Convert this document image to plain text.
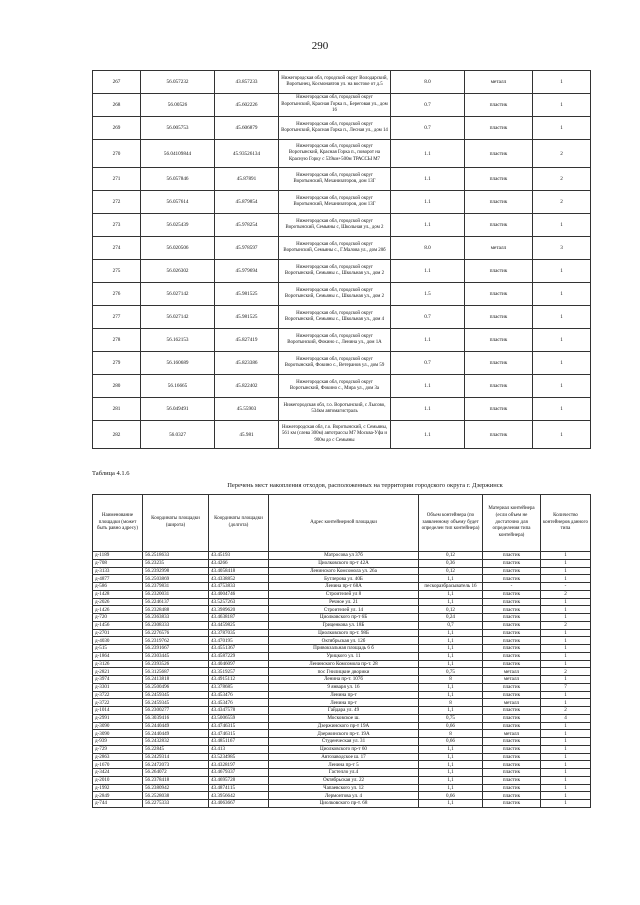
290
267	56.057232	43.857233	Нижегородская обл, городской округ Володарский, Воротынец, Космонавтов ул. на востоке от д.5	8.0	металл	1
268	56.00526	45.602226	Нижегородская обл, городской округ Воротынский, Красная Горка п., Береговая ул., дом 16	0.7	пластик	1
269	56.005753	45.606879	Нижегородская обл, городской округ Воротынский, Красная Горка п., Лесная ул., дом 14	0.7	пластик	1
270	56.04109844	45.93526134	Нижегородская обл, городской округ Воротынский, Красная Горка п., поворот на Красную Горку с 539км+500м ТРАССЫ М7	1.1	пластик	2
271	56.057846	45.87891	Нижегородская обл, городской округ Воротынский, Механизаторов, дом 13Г	1.1	пластик	2
272	56.057614	45.879854	Нижегородская обл, городской округ Воротынский, Механизаторов, дом 13Г	1.1	пластик	2
273	56.025439	45.978254	Нижегородская обл, городской округ Воротынский, Семьяны с, Школьная ул., дом 2	1.1	пластик	1
274	56.020506	45.978597	Нижегородская обл, городской округ Воротынский, Семьяны с., Г.Малова ул., дом 20б	8.0	металл	3
275	56.026302	45.979694	Нижегородская обл, городской округ Воротынский, Семьяны с., Школьная ул., дом 2	1.1	пластик	1
276	56.027142	45.981525	Нижегородская обл, городской округ Воротынский, Семьяны с., Школьная ул., дом 2	1.5	пластик	1
277	56.027142	45.981525	Нижегородская обл, городской округ Воротынский, Семьяны с., Школьная ул., дом 4	0.7	пластик	1
278	56.162153	45.827419	Нижегородская обл, городской округ Воротынский, Фокино с., Ленина ул., дом 1А	1.1	пластик	1
279	56.160689	45.823386	Нижегородская обл, городской округ Воротынский, Фокино с., Ветеранов ул., дом 59	0.7	пластик	1
280	56.16665	45.822402	Нижегородская обл, городской округ Воротынский, Фокино с., Мира ул., дом 3а	1.1	пластик	1
281	56.049491	45.55903	Нижегородская обл, г.о. Воротынский, с Лысово, 534км автомагистраль	1.1	пластик	1
282	56.0327	45.981	Нижегородская обл, г.о. Воротынский, с Семьяны, 561 км (слева 300м) автотрассы М7 Москва-Уфа и 900м до с Семьяны	1.1	пластик	1
Таблица 4.1.6
Перечень мест накопления отходов, расположенных на территории городского округа г. Дзержинск
Наименование площадки (может быть равно адресу)	Координаты площадки (широта)	Координаты площадки (долгота)	Адрес контейнерной площадки	Объем контейнера (по заявленному объему будет определен тип контейнера)	Материал контейнера (если объем не достаточно для определения типа контейнера)	Количество контейнеров данного типа
д-1189	56.2518633	43.45193	Матросова ул 37б	0,12	пластик	1
д-708	56.23235	43.4266	Циолковского пр-т 42А	0,36	пластик	1
д-3133	56.2392998	43.4058418	Ленинского Комсомола ул. 26а	0,12	пластик	1
д-4877	56.2503869	43.4338852	Бутлерова ул. 40Б	1,1	пластик	1
д-586	56.2379831	43.4753833	Ленина пр-т 68А	пескоразбрасыватель 16	-	-
д-1428	56.2320031	43.4004746	Строителей ул 8	1,1	пластик	2
д-2026	56.2246137	43.5257263	Речное ул. 21	1,1	пластик	1
д-1426	56.2328488	43.3989620	Строителей ул. 14	0,12	пластик	1
д-720	56.2363833	43.4638187	Циолковского пр-т 6Б	0,24	пластик	1
д-1456	56.2308333	43.4459825	Гриценкова ул. 18Б	0,7	пластик	2
д-2701	56.2276576	43.3787035	Циолковского пр-т. 98Б	1,1	пластик	1
д-4030	56.2319762	43.470195	Октябрьская ул. 12б	1,1	пластик	1
д-515	56.2391667	43.4551367	Привокзальная площадь 6 б	1,1	пластик	1
д-1864	56.2303445	43.4587229	Урицкого ул. 11	1,1	пластик	1
д-3126	56.2393526	43.4046097	Ленинского Комсомола пр-т. 28	1,1	пластик	1
д-2821	56.3125687	43.3519257	пос Гнилицкие дворики	0,75	металл	2
д-3974	56.2413818	43.4915112	Ленина пр-т. 107б	8	металл	1
д-3301	56.2500496	43.378685	9 января ул. 16	1,1	пластик	7
д-3722	56.2459345	43.453476	Ленина пр-т	1,1	пластик	1
д-3722	56.2459345	43.453476	Ленина пр-т	8	металл	1
д-1014	56.2300277	43.4347578	Гайдара ул. 49	1,1	пластик	2
д-2991	56.3039416	43.5006559	Московское ш.	0,75	пластик	4
д-3090	56.2440449	43.4746315	Дзержинского пр-т 19А	0,66	пластик	1
д-3090	56.2440449	43.4746315	Дзержинского пр-т. 19А	8	металл	1
д-939	56.2432832	43.4851167	Студенческая ул. 31	0,66	пластик	1
д-729	56.22845	43.413	Циолковского пр-т 60	1,1	пластик	1
д-2863	56.2429314	43.5234985	Автозаводское ш. 17	1,1	пластик	1
д-1670	56.2472073	43.4328197	Ленина пр-т 5	1,1	пластик	1
д-3424	56.264072	43.4679337	Гастелло ул.4	1,1	пластик	1
д-2010	56.2378418	43.4695728	Октябрьская ул. 22	1,1	пластик	1
д-1992	56.2380942	43.4874115	Чапаевского ул. 12	1,1	пластик	1
д-2849	56.2528038	43.3956642	Лермонтова ул. 4	0,66	пластик	1
д-744	56.2275333	43.4063667	Циолковского пр-т. 68	1,1	пластик	1
